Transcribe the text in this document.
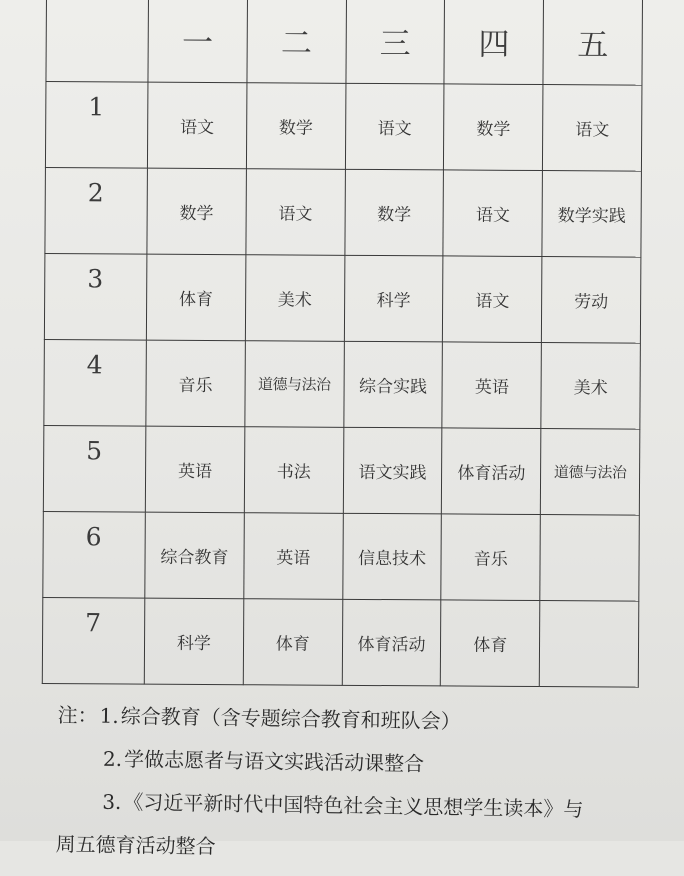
	一	二	三	四	五
1	语文	数学	语文	数学	语文
2	数学	语文	数学	语文	数学实践
3	体育	美术	科学	语文	劳动
4	音乐	道德与法治	综合实践	英语	美术
5	英语	书法	语文实践	体育活动	道德与法治
6	综合教育	英语	信息技术	音乐	
7	科学	体育	体育活动	体育	
注：1.综合教育（含专题综合教育和班队会）
2.学做志愿者与语文实践活动课整合
3.《习近平新时代中国特色社会主义思想学生读本》与
周五德育活动整合
